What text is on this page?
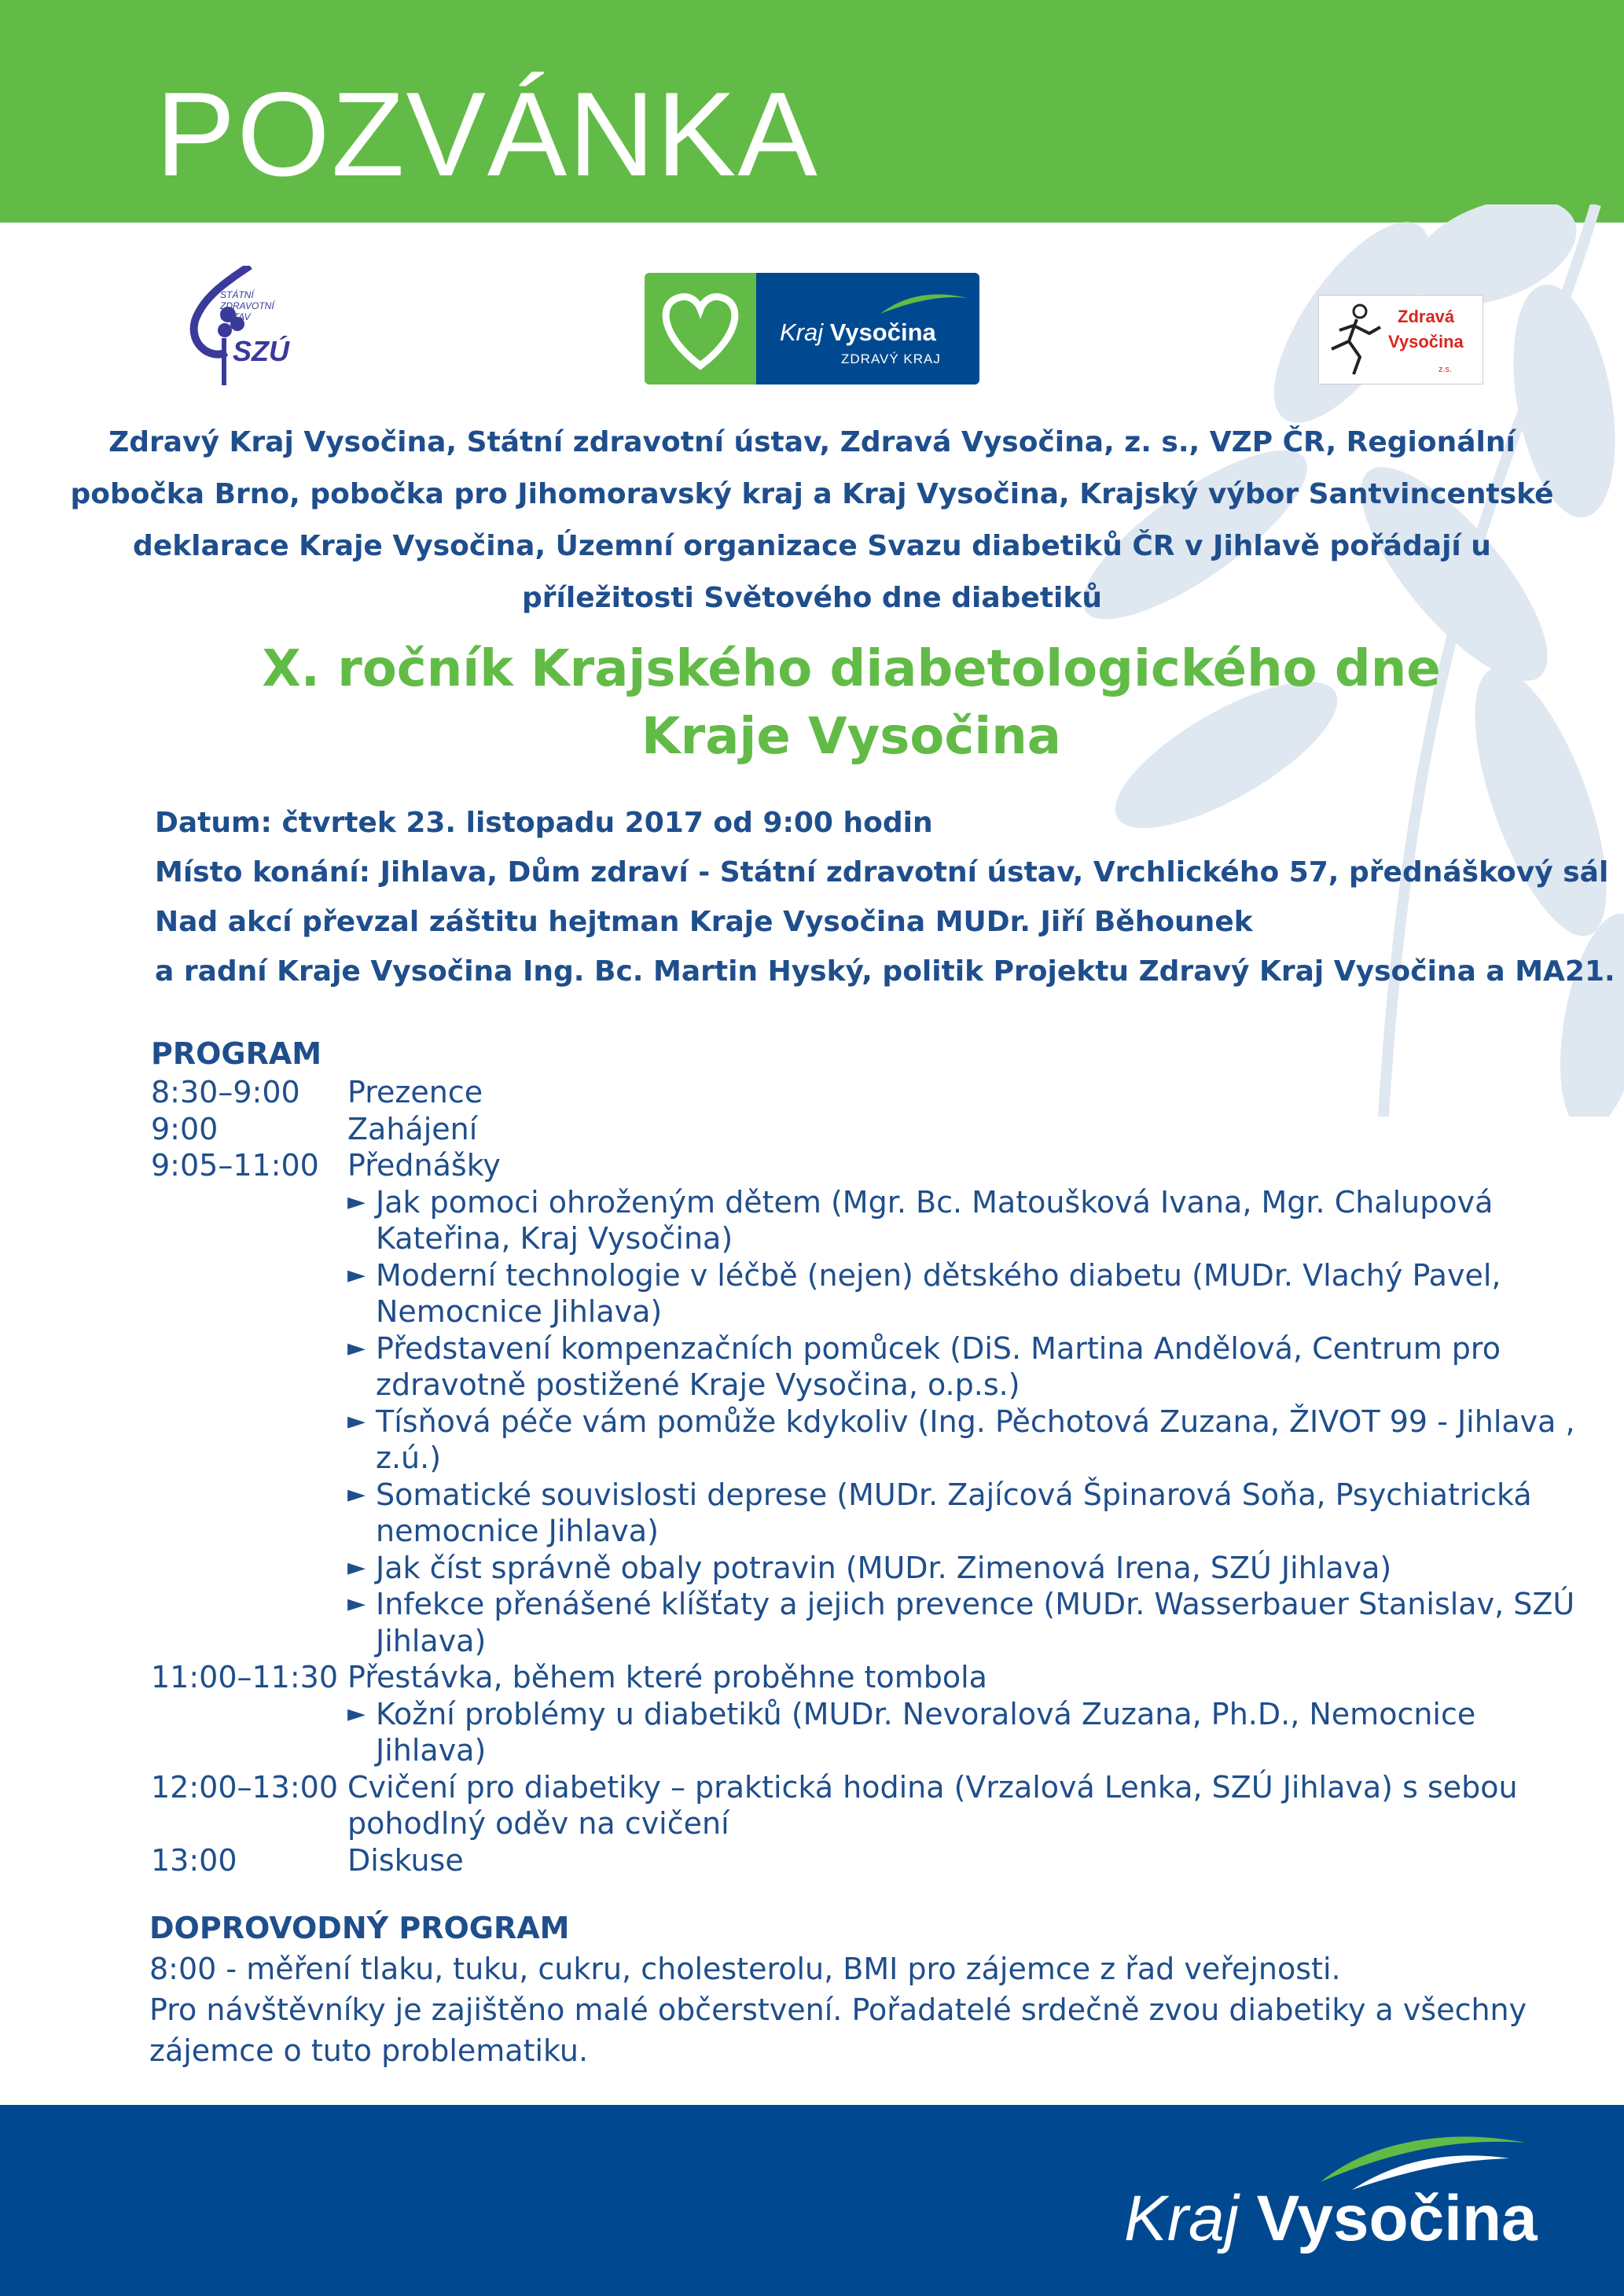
POZVÁNKA
STÁTNÍ
ZDRAVOTNÍ
ÚSTAV
SZÚ
Kraj Vysočina
ZDRAVÝ KRAJ
Zdravá
Vysočina
z.s.
Zdravý Kraj Vysočina, Státní zdravotní ústav, Zdravá Vysočina, z. s., VZP ČR, Regionální pobočka Brno, pobočka pro Jihomoravský kraj a Kraj Vysočina, Krajský výbor Santvincentské deklarace Kraje Vysočina, Územní organizace Svazu diabetiků ČR v Jihlavě pořádají u příležitosti Světového dne diabetiků
X. ročník Krajského diabetologického dne
Kraje Vysočina
Datum: čtvrtek 23. listopadu 2017 od 9:00 hodin
Místo konání: Jihlava, Dům zdraví - Státní zdravotní ústav, Vrchlického 57, přednáškový sál
Nad akcí převzal záštitu hejtman Kraje Vysočina MUDr. Jiří Běhounek
a radní Kraje Vysočina Ing. Bc. Martin Hyský, politik Projektu Zdravý Kraj Vysočina a MA21.
PROGRAM
8:30–9:00	Prezence
9:00	Zahájení
9:05–11:00 Přednášky
► Jak pomoci ohroženým dětem (Mgr. Bc. Matoušková Ivana, Mgr. Chalupová Kateřina, Kraj Vysočina)
► Moderní technologie v léčbě (nejen) dětského diabetu (MUDr. Vlachý Pavel, Nemocnice Jihlava)
► Představení kompenzačních pomůcek (DiS. Martina Andělová, Centrum pro zdravotně postižené Kraje Vysočina, o.p.s.)
► Tísňová péče vám pomůže kdykoliv (Ing. Pěchotová Zuzana, ŽIVOT 99 - Jihlava , z.ú.)
► Somatické souvislosti deprese (MUDr. Zajícová Špinarová Soňa, Psychiatrická nemocnice Jihlava)
► Jak číst správně obaly potravin (MUDr. Zimenová Irena, SZÚ Jihlava)
► Infekce přenášené klíšťaty a jejich prevence (MUDr. Wasserbauer Stanislav, SZÚ Jihlava)
11:00–11:30 Přestávka, během které proběhne tombola
► Kožní problémy u diabetiků (MUDr. Nevoralová Zuzana, Ph.D., Nemocnice Jihlava)
12:00–13:00 Cvičení pro diabetiky – praktická hodina (Vrzalová Lenka, SZÚ Jihlava) s sebou pohodlný oděv na cvičení
13:00	Diskuse
DOPROVODNÝ PROGRAM
8:00 - měření tlaku, tuku, cukru, cholesterolu, BMI pro zájemce z řad veřejnosti.
Pro návštěvníky je zajištěno malé občerstvení. Pořadatelé srdečně zvou diabetiky a všechny zájemce o tuto problematiku.
Kraj Vysočina
